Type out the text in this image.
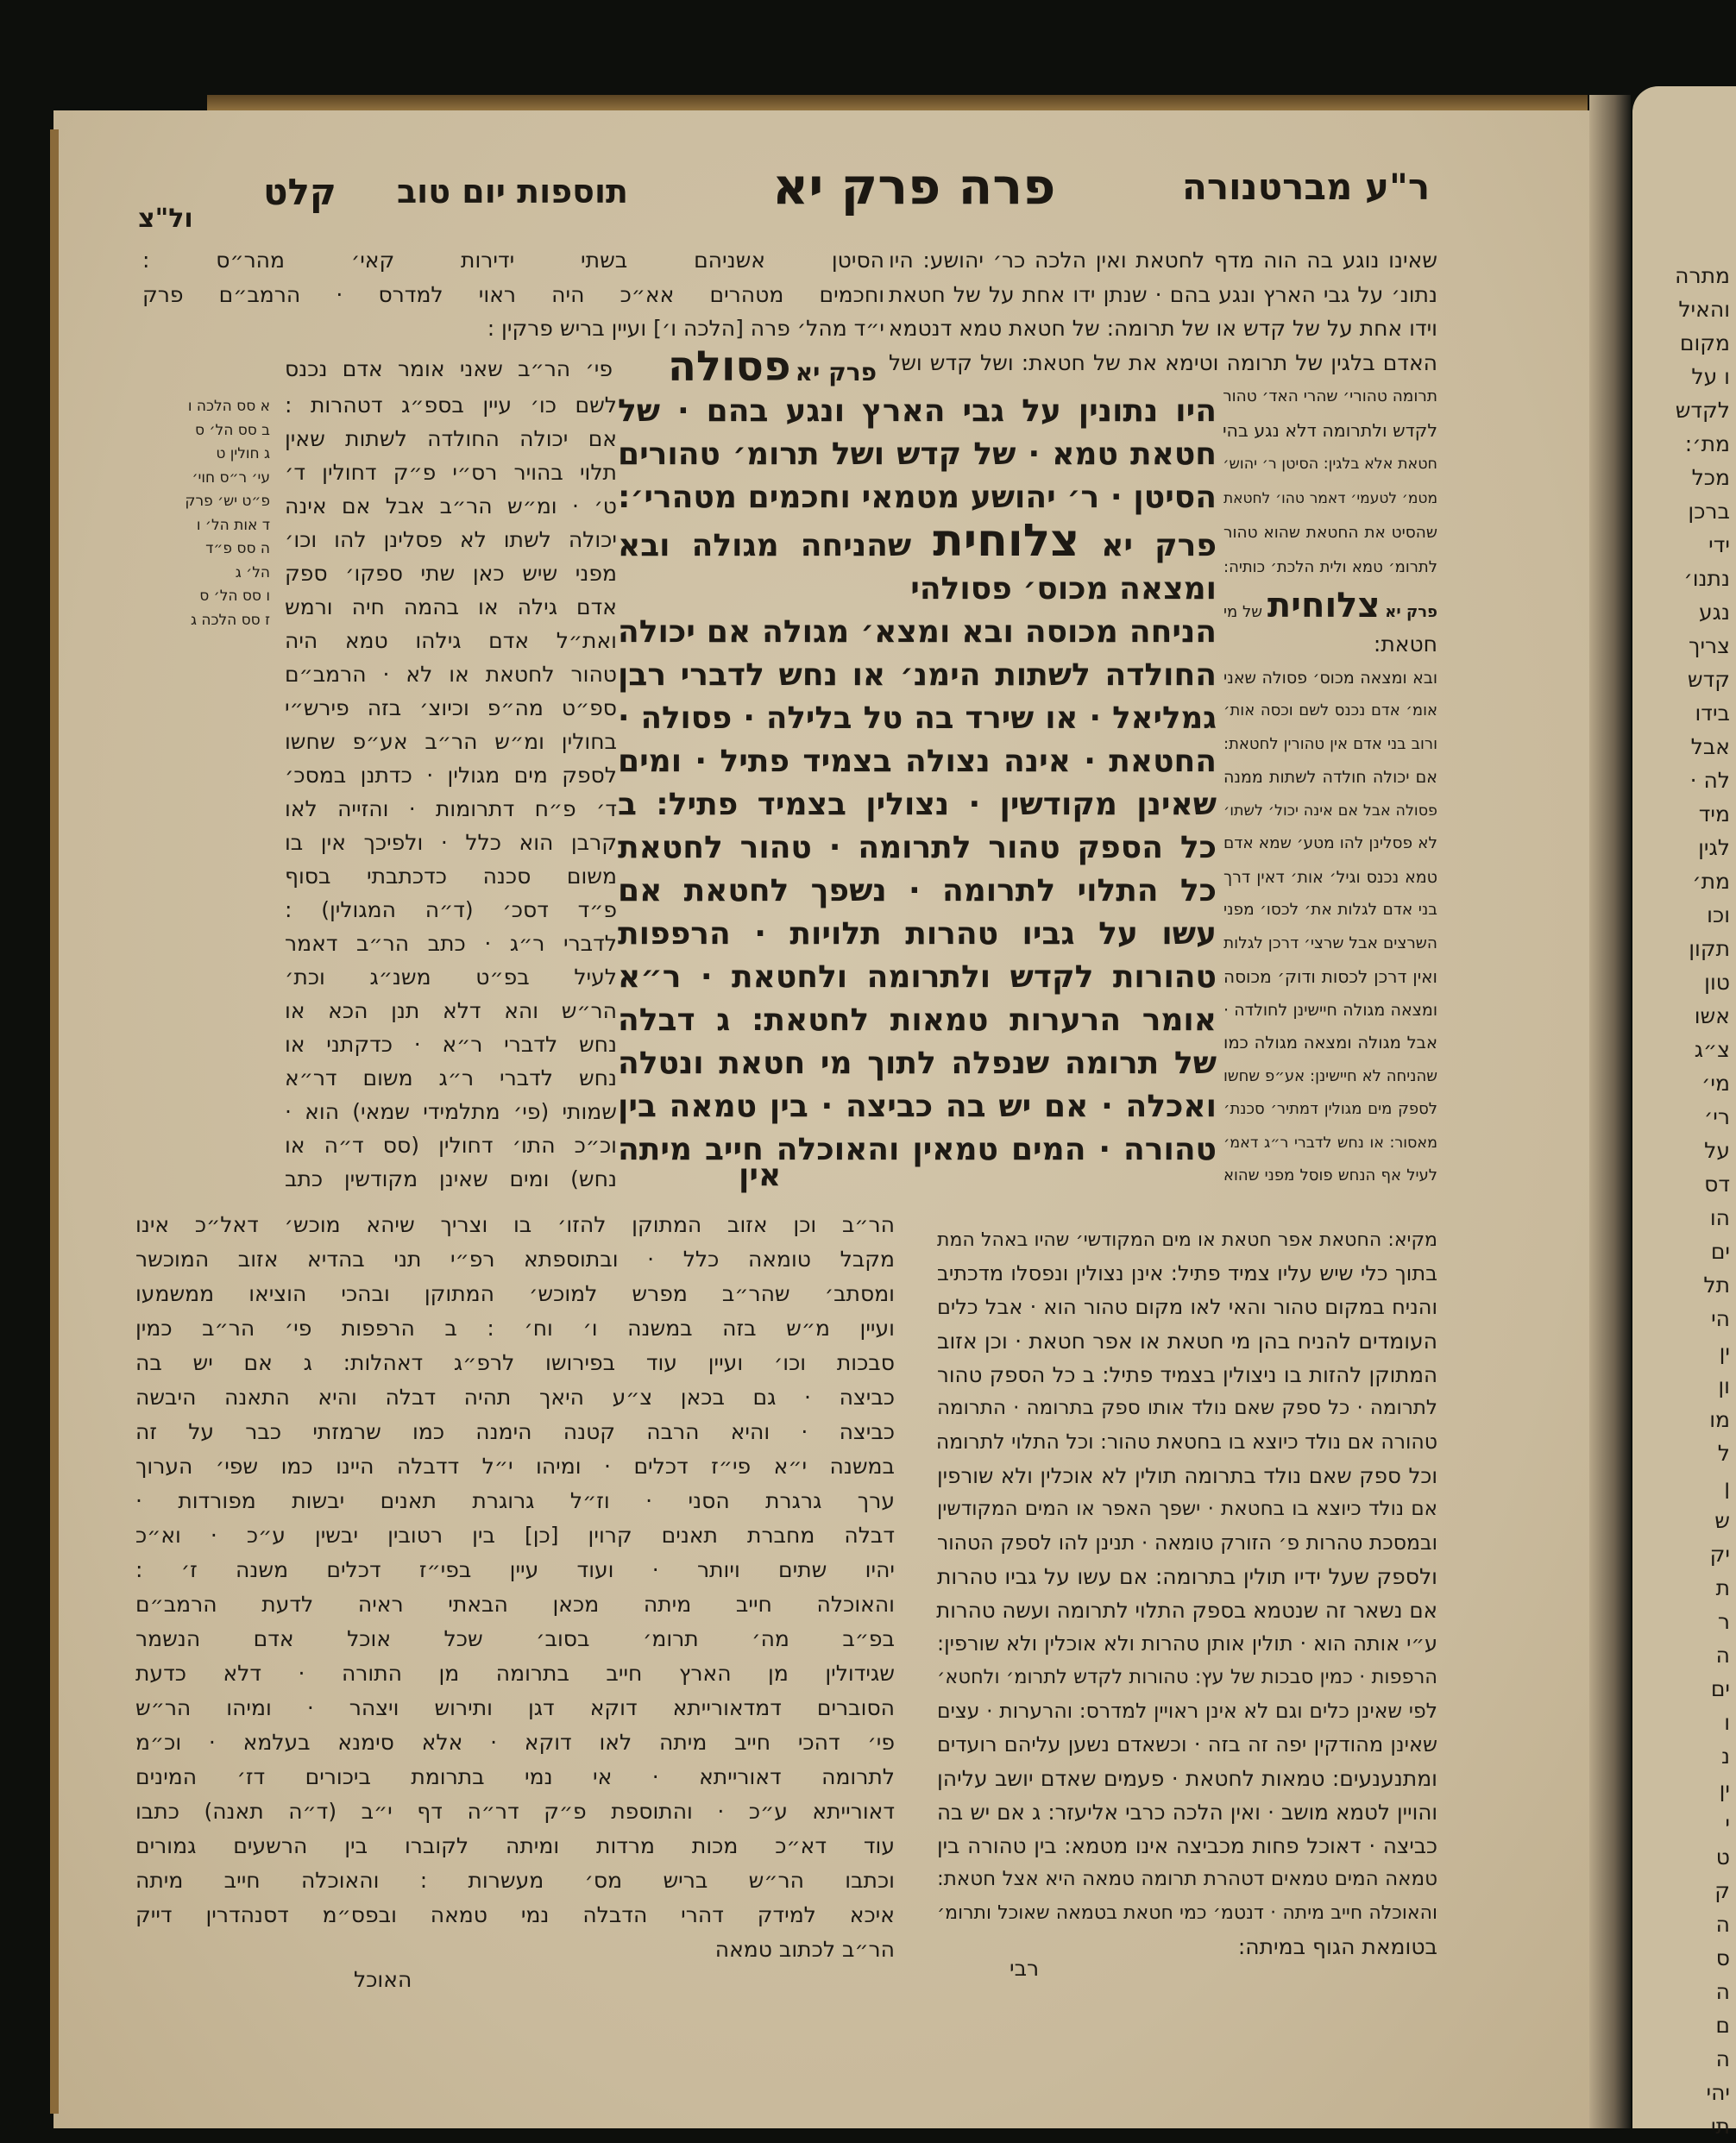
מתרה
והאיל
מקום
ו על
לקדש
מת׳:
מכל
ברכן
ידי
נתנו׳
נגע
צריך
קדש
בידו
אבל
לה ·
מיד
לגין
מת׳
וכו
תקון
טון
אשו
צ״ג
מי׳
רי׳
על
דס
הו
ים
תל
הי
ין
ון
מו
ל
ן
ש
יק
ת
ר
ה
ים
ו
נ
ין
י
ט
ק
ה
ס
ה
ם
ה
יהי
תי
ר"ע מברטנורה
פרה פרק יא
תוספות יום טוב
קלט
ול"צ
שאינו נוגע בה הוה מדף לחטאת ואין הלכה כר׳ יהושע: היו
נתונ׳ על גבי הארץ ונגע בהם · שנתן ידו אחת על של חטאת
וידו אחת על של קדש או של תרומה: של חטאת טמא דנטמא
האדם בלגין של תרומה וטימא את של חטאת: ושל קדש ושל
תרומה טהורי׳ שהרי האד׳ טהור
לקדש ולתרומה דלא נגע בהי
חטאת אלא בלגין: הסיטן ר׳ יהוש׳
מטמ׳ לטעמי׳ דאמר טהו׳ לחטאת
שהסיט את החטאת שהוא טהור
לתרומ׳ טמא ולית הלכת׳ כותיה:
פרק יא צלוחית של מי
חטאת:
ובא ומצאה מכוס׳ פסולה שאני
אומ׳ אדם נכנס לשם וכסה אות׳
ורוב בני אדם אין טהורין לחטאת:
אם יכולה חולדה לשתות ממנה
פסולה אבל אם אינה יכול׳ לשתו׳
לא פסלינן להו מטע׳ שמא אדם
טמא נכנס וגיל׳ אות׳ דאין דרך
בני אדם לגלות את׳ לכסו׳ מפני
השרצים אבל שרצי׳ דרכן לגלות
ואין דרכן לכסות ודוק׳ מכוסה
ומצאה מגולה חיישינן לחולדה ·
אבל מגולה ומצאה מגולה כמו
שהניחה לא חיישינן: אע״פ שחשו
לספק מים מגולין דמתיר׳ סכנת׳
מאסור: או נחש לדברי ר״ג דאמ׳
לעיל אף הנחש פוסל מפני שהוא
מקיא: החטאת אפר חטאת או מים המקודשי׳ שהיו באהל המת
בתוך כלי שיש עליו צמיד פתיל: אינן נצולין ונפסלו מדכתיב
והניח במקום טהור והאי לאו מקום טהור הוא · אבל כלים
העומדים להניח בהן מי חטאת או אפר חטאת · וכן אזוב
המתוקן להזות בו ניצולין בצמיד פתיל: ב כל הספק טהור
לתרומה · כל ספק שאם נולד אותו ספק בתרומה · התרומה
טהורה אם נולד כיוצא בו בחטאת טהור: וכל התלוי לתרומה
וכל ספק שאם נולד בתרומה תולין לא אוכלין ולא שורפין
אם נולד כיוצא בו בחטאת · ישפך האפר או המים המקודשין
ובמסכת טהרות פ׳ הזורק טומאה · תנינן להו לספק הטהור
ולספק שעל ידיו תולין בתרומה: אם עשו על גביו טהרות
אם נשאר זה שנטמא בספק התלוי לתרומה ועשה טהרות
ע״י אותה הוא · תולין אותן טהרות ולא אוכלין ולא שורפין:
הרפפות · כמין סבכות של עץ: טהורות לקדש לתרומ׳ ולחטא׳
לפי שאינן כלים וגם לא אינן ראויין למדרס: והרערות · עצים
שאינן מהודקין יפה זה בזה · וכשאדם נשען עליהם רועדים
ומתנענעים: טמאות לחטאת · פעמים שאדם יושב עליהן
והויין לטמא מושב · ואין הלכה כרבי אליעזר: ג אם יש בה
כביצה · דאוכל פחות מכביצה אינו מטמא: בין טהורה בין
טמאה המים טמאים דטהרת תרומה טמאה היא אצל חטאת:
והאוכלה חייב מיתה · דנטמ׳ כמי חטאת בטמאה שאוכל ותרומ׳
בטומאת הגוף במיתה:
רבי
היו נתונין על גבי הארץ ונגע בהם · של
חטאת טמא · של קדש ושל תרומ׳ טהורים
הסיטן · ר׳ יהושע מטמאי וחכמים מטהרי׳:
פרק יא צלוחית שהניחה מגולה ובא
ומצאה מכוס׳ פסולהי
הניחה מכוסה ובא ומצא׳ מגולה אם יכולה
החולדה לשתות הימנ׳ או נחש לדברי רבן
גמליאל · או שירד בה טל בלילה · פסולה ·
החטאת · אינה נצולה בצמיד פתיל · ומים
שאינן מקודשין · נצולין בצמיד פתיל: ב
כל הספק טהור לתרומה · טהור לחטאת
כל התלוי לתרומה · נשפך לחטאת אם
עשו על גביו טהרות תלויות · הרפפות
טהורות לקדש ולתרומה ולחטאת · ר״א
אומר הרערות טמאות לחטאת: ג דבלה
של תרומה שנפלה לתוך מי חטאת ונטלה
ואכלה · אם יש בה כביצה · בין טמאה בין
טהורה · המים טמאין והאוכלה חייב מיתה
אין
הסיטן אשניהם בשתי ידירות קאי׳ מהר״ס :
וחכמים מטהרים אא״כ היה ראוי למדרס · הרמב״ם פרק
י״ד מהל׳ פרה [הלכה ו׳] ועיין בריש פרקין :
פרק יא פסולה
פי׳ הר״ב שאני אומר אדם נכנס
לשם כו׳ עיין בספ״ג דטהרות :
אם יכולה החולדה לשתות שאין
תלוי בהויר רס״י פ״ק דחולין ד׳
ט׳ · ומ״ש הר״ב אבל אם אינה
יכולה לשתו לא פסלינן להו וכו׳
מפני שיש כאן שתי ספקו׳ ספק
אדם גילה או בהמה חיה ורמש
ואת״ל אדם גילהו טמא היה
טהור לחטאת או לא · הרמב״ם
ספ״ט מה״פ וכיוצ׳ בזה פירש״י
בחולין ומ״ש הר״ב אע״פ שחשו
לספק מים מגולין · כדתנן במסכ׳
ד׳ פ״ח דתרומות · והזייה לאו
קרבן הוא כלל · ולפיכך אין בו
משום סכנה כדכתבתי בסוף
פ״ד דסכ׳ (ד״ה המגולין) :
לדברי ר״ג · כתב הר״ב דאמר
לעיל בפ״ט משנ״ג וכת׳
הר״ש והא דלא תנן הכא או
נחש לדברי ר״א · כדקתני או
נחש לדברי ר״ג משום דר״א
שמותי (פי׳ מתלמידי שמאי) הוא ·
וכ״כ התו׳ דחולין (סס ד״ה או
נחש) ומים שאינן מקודשין כתב
הר״ב וכן אזוב המתוקן להזו׳ בו וצריך שיהא מוכש׳ דאל״כ אינו
מקבל טומאה כלל · ובתוספתא רפ״י תני בהדיא אזוב המוכשר
ומסתב׳ שהר״ב מפרש למוכש׳ המתוקן ובהכי הוציאו ממשמעו
ועיין מ״ש בזה במשנה ו׳ וח׳ : ב הרפפות פי׳ הר״ב כמין
סבכות וכו׳ ועיין עוד בפירושו לרפ״ג דאהלות: ג אם יש בה
כביצה · גם בכאן צ״ע היאך תהיה דבלה והיא התאנה היבשה
כביצה · והיא הרבה קטנה הימנה כמו שרמזתי כבר על זה
במשנה י״א פי״ז דכלים · ומיהו י״ל דדבלה היינו כמו שפי׳ הערוך
ערך גרגרת הסני · וז״ל גרוגרת תאנים יבשות מפורדות ·
דבלה מחברת תאנים קרוין [כן] בין רטובין יבשין ע״כ · וא״כ
יהיו שתים ויותר · ועוד עיין בפי״ז דכלים משנה ז׳ :
והאוכלה חייב מיתה מכאן הבאתי ראיה לדעת הרמב״ם
בפ״ב מה׳ תרומ׳ בסוב׳ שכל אוכל אדם הנשמר
שגידולין מן הארץ חייב בתרומה מן התורה · דלא כדעת
הסוברים דמדאורייתא דוקא דגן ותירוש ויצהר · ומיהו הר״ש
פי׳ דהכי חייב מיתה לאו דוקא · אלא סימנא בעלמא · וכ״מ
לתרומה דאורייתא · אי נמי בתרומת ביכורים דז׳ המינים
דאורייתא ע״כ · והתוספת פ״ק דר״ה דף י״ב (ד״ה תאנה) כתבו
עוד דא״כ מכות מרדות ומיתה לקוברו בין הרשעים גמורים
וכתבו הר״ש בריש מס׳ מעשרות : והאוכלה חייב מיתה
איכא למידק דהרי הדבלה נמי טמאה ובפס״מ דסנהדרין דייק
הר״ב לכתוב טמאה
האוכל
א סס הלכה ו
ב סס הל׳ ס
ג חולין ט
עי׳ ר״ס חוי׳
פ״ט יש׳ פרק
ד אות הל׳ ו
ה סס פ״ד
הל׳ ג
ו סס הל׳ ס
ז סס הלכה ג
